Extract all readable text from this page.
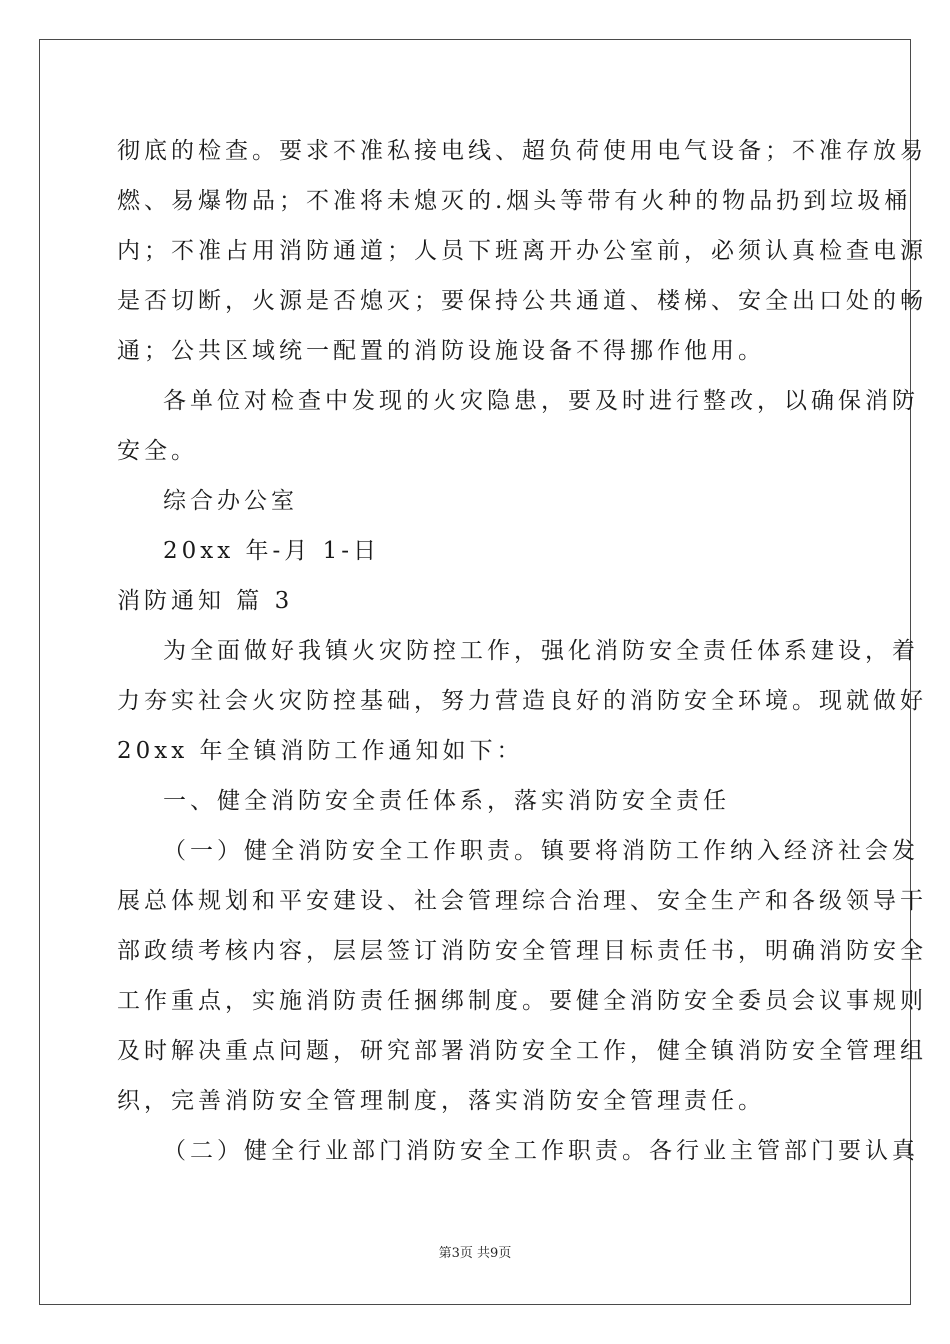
彻底的检查。要求不准私接电线、超负荷使用电气设备；不准存放易
燃、易爆物品；不准将未熄灭的.烟头等带有火种的物品扔到垃圾桶
内；不准占用消防通道；人员下班离开办公室前，必须认真检查电源
是否切断，火源是否熄灭；要保持公共通道、楼梯、安全出口处的畅
通；公共区域统一配置的消防设施设备不得挪作他用。
各单位对检查中发现的火灾隐患，要及时进行整改，以确保消防
安全。
综合办公室
20xx 年-月 1-日
消防通知 篇 3
为全面做好我镇火灾防控工作，强化消防安全责任体系建设，着
力夯实社会火灾防控基础，努力营造良好的消防安全环境。现就做好
20xx 年全镇消防工作通知如下：
一、健全消防安全责任体系，落实消防安全责任
（一）健全消防安全工作职责。镇要将消防工作纳入经济社会发
展总体规划和平安建设、社会管理综合治理、安全生产和各级领导干
部政绩考核内容，层层签订消防安全管理目标责任书，明确消防安全
工作重点，实施消防责任捆绑制度。要健全消防安全委员会议事规则
及时解决重点问题，研究部署消防安全工作，健全镇消防安全管理组
织，完善消防安全管理制度，落实消防安全管理责任。
（二）健全行业部门消防安全工作职责。各行业主管部门要认真
第3页 共9页
